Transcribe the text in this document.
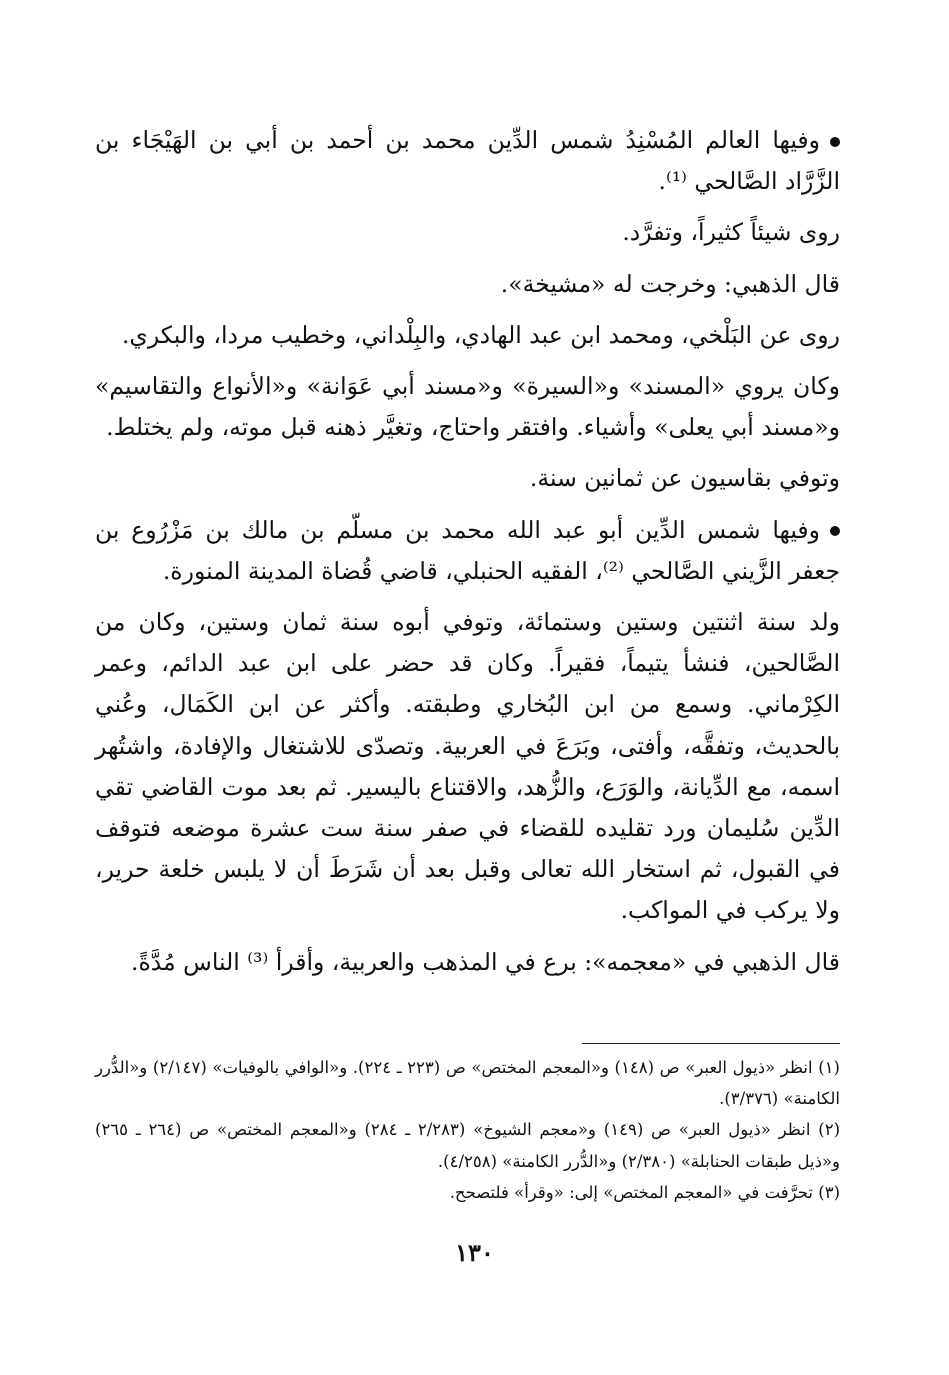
وفيها العالم المُسْنِدُ شمس الدِّين محمد بن أحمد بن أبي بن الهَيْجَاء بن الزَّرَّاد الصَّالحي ⁽¹⁾.

روى شيئاً كثيراً، وتفرَّد.

قال الذهبي: وخرجت له «مشيخة».

روى عن البَلْخي، ومحمد ابن عبد الهادي، والبِلْداني، وخطيب مردا، والبكري.

وكان يروي «المسند» و«السيرة» و«مسند أبي عَوَانة» و«الأنواع والتقاسيم» و«مسند أبي يعلى» وأشياء. وافتقر واحتاج، وتغيَّر ذهنه قبل موته، ولم يختلط.

وتوفي بقاسيون عن ثمانين سنة.

وفيها شمس الدِّين أبو عبد الله محمد بن مسلّم بن مالك بن مَزْرُوع بن جعفر الزَّيني الصَّالحي ⁽²⁾، الفقيه الحنبلي، قاضي قُضاة المدينة المنورة.

ولد سنة اثنتين وستين وستمائة، وتوفي أبوه سنة ثمان وستين، وكان من الصَّالحين، فنشأ يتيماً، فقيراً. وكان قد حضر على ابن عبد الدائم، وعمر الكِرْماني. وسمع من ابن البُخاري وطبقته. وأكثر عن ابن الكَمَال، وعُني بالحديث، وتفقَّه، وأفتى، وبَرَعَ في العربية. وتصدّى للاشتغال والإفادة، واشتُهر اسمه، مع الدِّيانة، والوَرَع، والزُّهد، والاقتناع باليسير. ثم بعد موت القاضي تقي الدِّين سُليمان ورد تقليده للقضاء في صفر سنة ست عشرة موضعه فتوقف في القبول، ثم استخار الله تعالى وقبل بعد أن شَرَطَ أن لا يلبس خلعة حرير، ولا يركب في المواكب.

قال الذهبي في «معجمه»: برع في المذهب والعربية، وأقرأ ⁽³⁾ الناس مُدَّةً.

(١) انظر «ذيول العبر» ص (١٤٨) و«المعجم المختص» ص (٢٢٣ ـ ٢٢٤). و«الوافي بالوفيات» (٢/١٤٧) و«الدُّرر الكامنة» (٣/٣٧٦).

(٢) انظر «ذيول العبر» ص (١٤٩) و«معجم الشيوخ» (٢/٢٨٣ ـ ٢٨٤) و«المعجم المختص» ص (٢٦٤ ـ ٢٦٥) و«ذيل طبقات الحنابلة» (٢/٣٨٠) و«الدُّرر الكامنة» (٤/٢٥٨).

(٣) تحرَّفت في «المعجم المختص» إلى: «وقرأ» فلتصحح.

١٣٠
